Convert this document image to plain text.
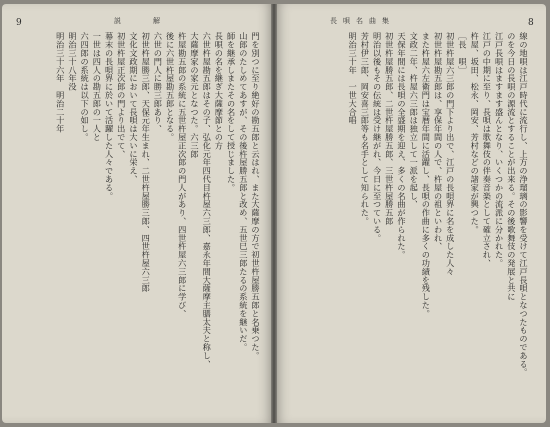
9	説　　解
門を別つに至り絶好の勘五郎と云はれ、また大薩摩の方で初世杵屋勝五郎と名乗つた。
山郎のたしめてあすが、その後杵屋勝五郎と改め、五世巳三郎たるの系統を継いだ。
師を継承しまたその名をして授じました。
長唄の名を継ぎ大薩摩節との方
六世杵屋勘五郎はその子、弘化元年四代目杵屋六三郎、嘉永年間大薩摩主膳太夫と称し、
大薩摩家の家元となつた。六三郎
杵屋勘五郎の系統に五世杵屋正次郎の門人があり、四世杵屋六三郎に学び、
後に六世杵屋勘五郎となる。
六世の門人に勝三郎あり、
初世杵屋勝三郎、天保元年生まれ、二世杵屋勝三郎、四世杵屋六三郎
文化文政期において長唄は大いに栄え、
初世杵屋正次郎の門より出でて、
幕末の長唄界に於いて活躍した人々である。
一世は四人の勘五郎の一人と
六四郎の系統は以下の如し。
明治三十八年没
明治三十六年　明治二十年
長唄名曲集	8
線の地唄は江戸時代に流行し、上方の浄瑠璃の影響を受けて江戸長唄となつたものである。
のを今日の長唄の源流とすることが出来る。その後歌舞伎の発展と共に
江戸長唄はますます盛んとなり、いくつかの流派に分かれた。
江戸の中期に至り、長唄は歌舞伎の伴奏音楽として確立され、
杵屋、坂田、松永、岡安、芳村などの諸家が興つた。
［長　唄］
初世杵屋六三郎の門下より出で、江戸の長唄界に名を成した人々
初世杵屋勘五郎は、享保年間の人で、杵屋の祖といわれ、
また杵屋六左衛門は宝暦年間に活躍し、長唄の作曲に多くの功績を残した。
文政二年、杵屋六三郎は独立して一派を起し、
天保年間には長唄の全盛期を迎え、多くの名曲が作られた。
初世杵屋勝五郎、二世杵屋勝五郎、三世杵屋勝五郎
明治以後もその伝統は受け継がれ、今日に至つている。
芳村伊三郎、岡安喜三郎等も名手として知られた。
明治三十年　一世大合唱
